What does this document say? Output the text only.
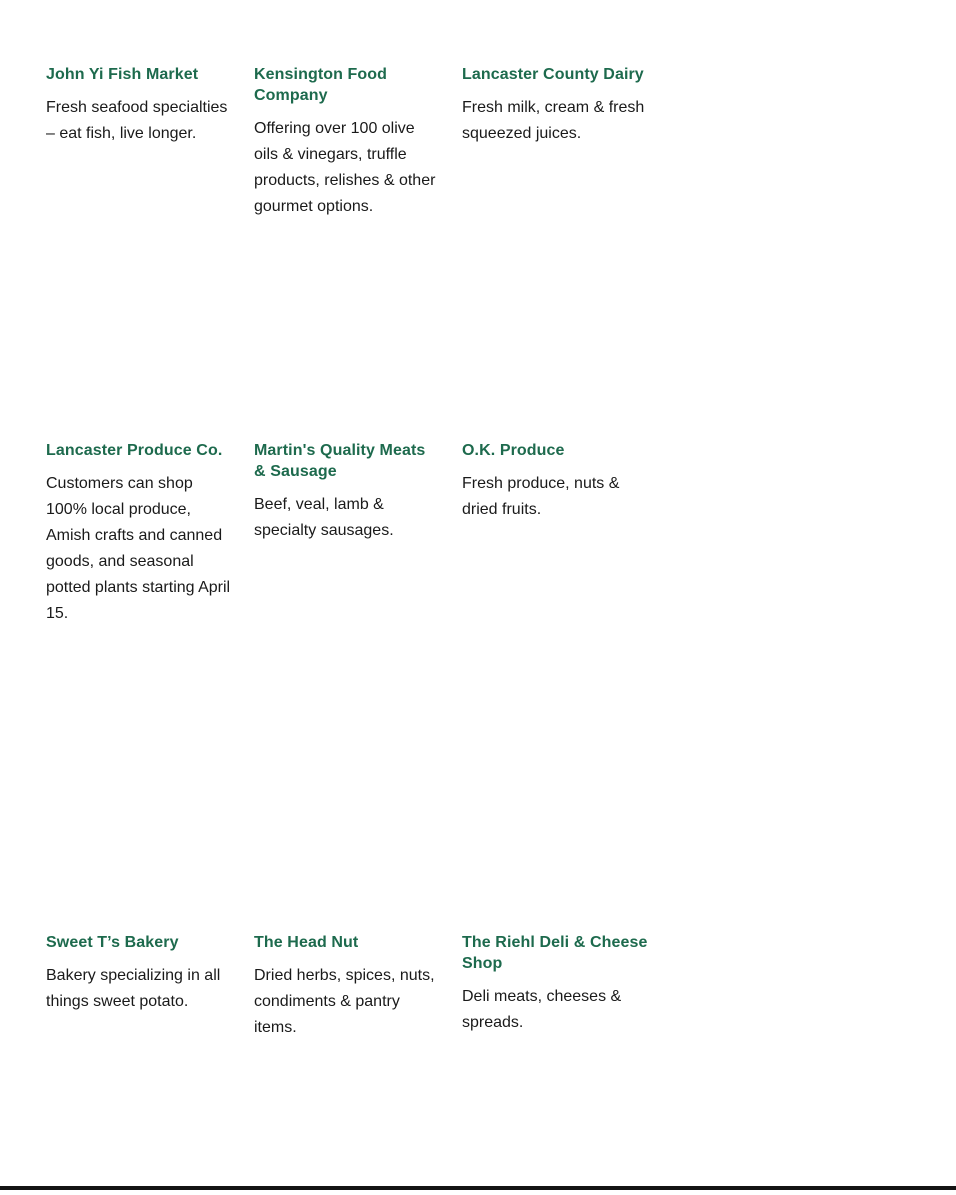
John Yi Fish Market

Fresh seafood specialties – eat fish, live longer.

Kensington Food Company

Offering over 100 olive oils & vinegars, truffle products, relishes & other gourmet options.

Lancaster County Dairy

Fresh milk, cream & fresh squeezed juices.

Lancaster Produce Co.

Customers can shop 100% local produce, Amish crafts and canned goods, and seasonal potted plants starting April 15.

Martin's Quality Meats & Sausage

Beef, veal, lamb & specialty sausages.

O.K. Produce

Fresh produce, nuts & dried fruits.

Sweet T’s Bakery

Bakery specializing in all things sweet potato.

The Head Nut

Dried herbs, spices, nuts, condiments & pantry items.

The Riehl Deli & Cheese Shop

Deli meats, cheeses & spreads.
